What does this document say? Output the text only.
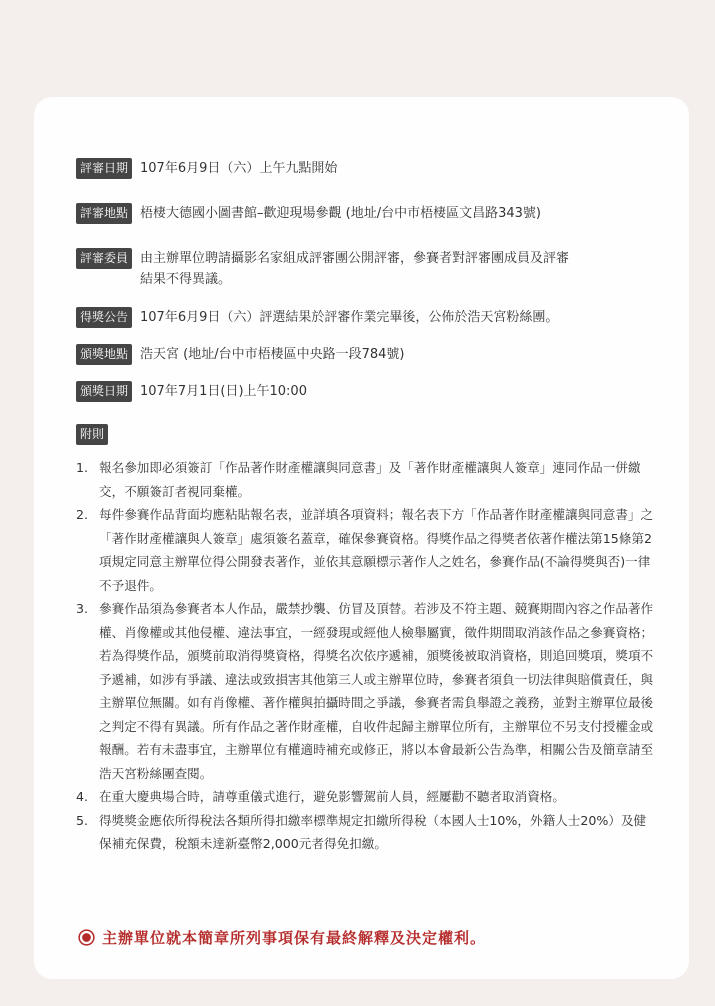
評審日期 107年6月9日（六）上午九點開始
評審地點 梧棲大德國小圖書館–歡迎現場參觀 (地址/台中市梧棲區文昌路343號)
評審委員 由主辦單位聘請攝影名家組成評審團公開評審，參賽者對評審團成員及評審
結果不得異議。
得獎公告 107年6月9日（六）評選結果於評審作業完畢後，公佈於浩天宮粉絲團。
頒獎地點 浩天宮 (地址/台中市梧棲區中央路一段784號)
頒獎日期 107年7月1日(日)上午10:00
附則
1. 報名參加即必須簽訂「作品著作財產權讓與同意書」及「著作財產權讓與人簽章」連同作品一併繳交，不願簽訂者視同棄權。
2. 每件參賽作品背面均應粘貼報名表，並詳填各項資料；報名表下方「作品著作財產權讓與同意書」之「著作財產權讓與人簽章」處須簽名蓋章，確保參賽資格。得獎作品之得獎者依著作權法第15條第2項規定同意主辦單位得公開發表著作，並依其意願標示著作人之姓名，參賽作品(不論得獎與否)一律不予退件。
3. 參賽作品須為參賽者本人作品，嚴禁抄襲、仿冒及頂替。若涉及不符主題、競賽期間內容之作品著作權、肖像權或其他侵權、違法事宜，一經發現或經他人檢舉屬實，徵件期間取消該作品之參賽資格；若為得獎作品，頒獎前取消得獎資格，得獎名次依序遞補，頒獎後被取消資格，則追回獎項，獎項不予遞補，如涉有爭議、違法或致損害其他第三人或主辦單位時，參賽者須負一切法律與賠償責任，與主辦單位無關。如有肖像權、著作權與拍攝時間之爭議，參賽者需負舉證之義務，並對主辦單位最後之判定不得有異議。所有作品之著作財產權，自收件起歸主辦單位所有，主辦單位不另支付授權金或報酬。若有未盡事宜，主辦單位有權適時補充或修正，將以本會最新公告為準，相關公告及簡章請至浩天宮粉絲團查閱。
4. 在重大慶典場合時，請尊重儀式進行，避免影響駕前人員，經屢勸不聽者取消資格。
5. 得獎獎金應依所得稅法各類所得扣繳率標準規定扣繳所得稅（本國人士10%，外籍人士20%）及健保補充保費，稅額未達新臺幣2,000元者得免扣繳。
主辦單位就本簡章所列事項保有最終解釋及決定權利。
